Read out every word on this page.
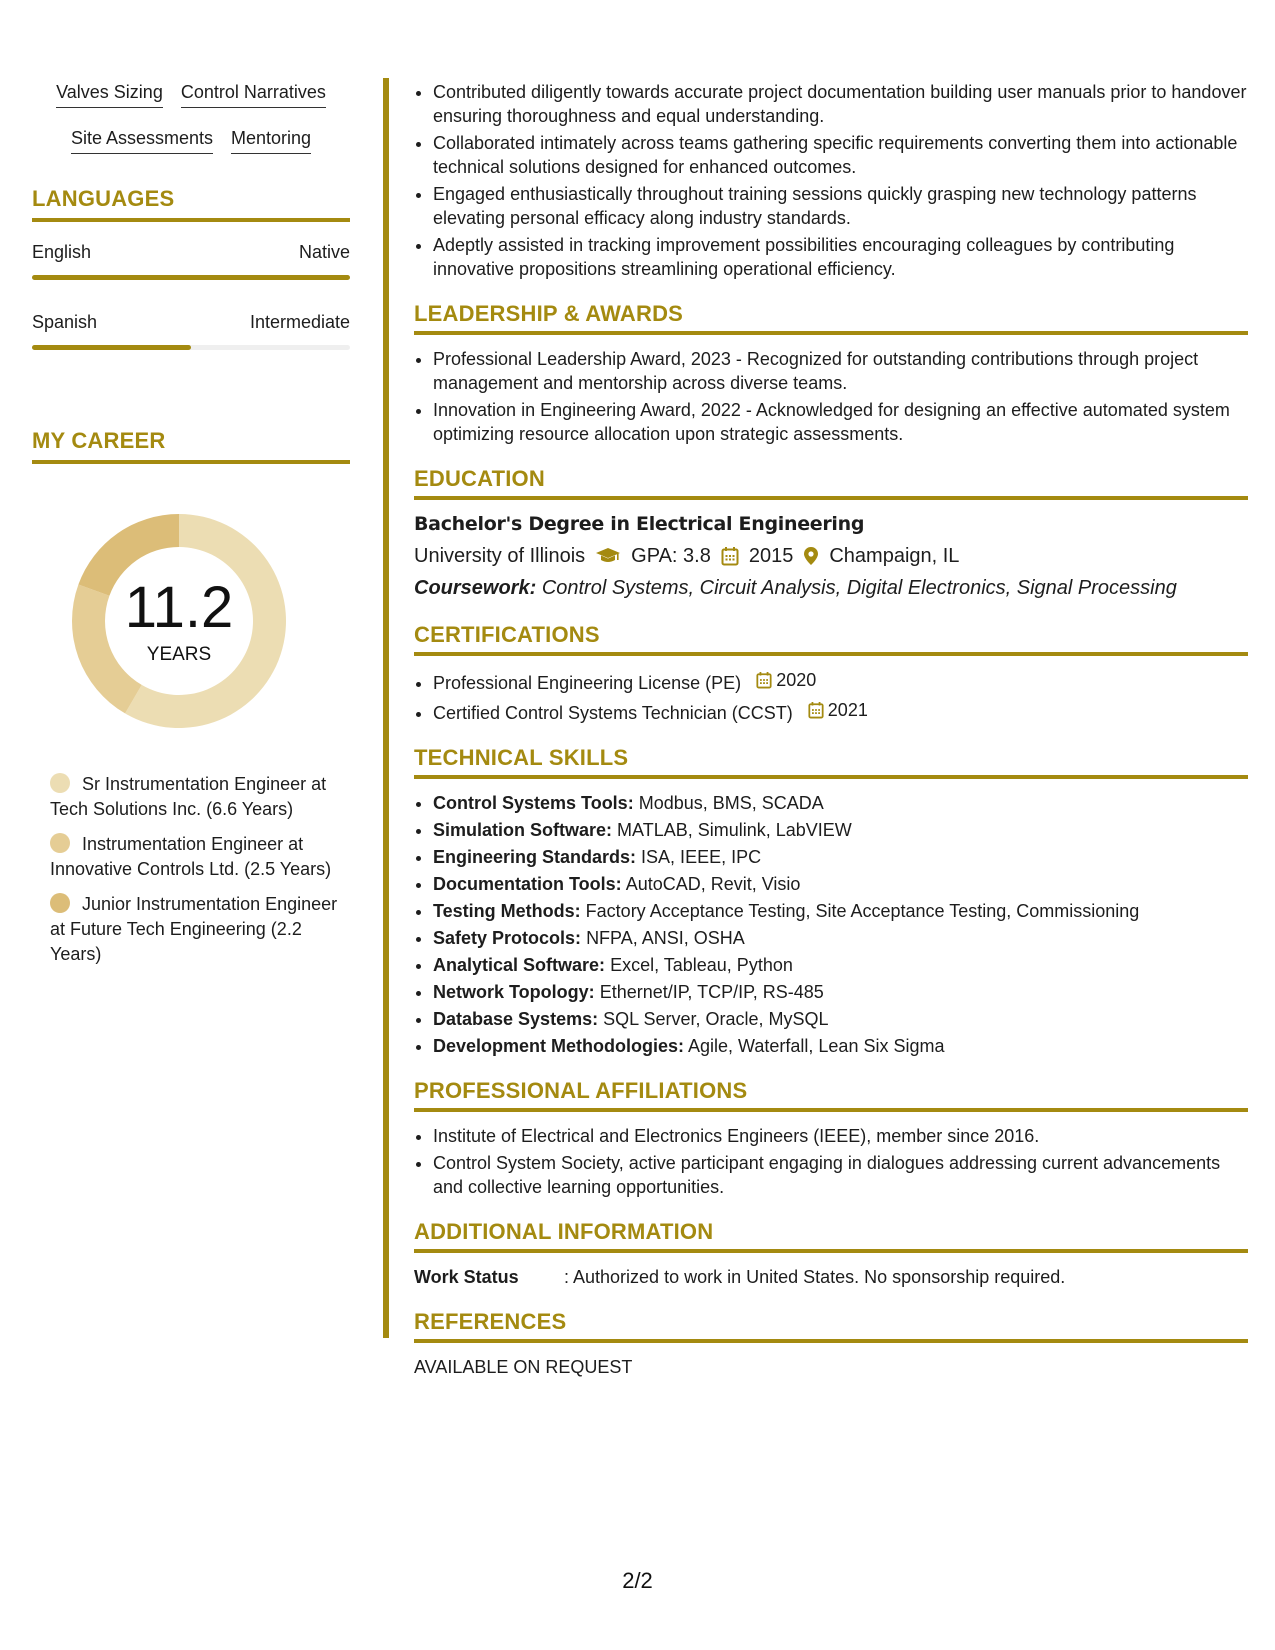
Valves Sizing Control Narratives
Site Assessments Mentoring
LANGUAGES
English	Native
Spanish	Intermediate
MY CAREER
11.2
YEARS
Sr Instrumentation Engineer at Tech Solutions Inc. (6.6 Years)
Instrumentation Engineer at Innovative Controls Ltd. (2.5 Years)
Junior Instrumentation Engineer at Future Tech Engineering (2.2 Years)
• Contributed diligently towards accurate project documentation building user manuals prior to handover ensuring thoroughness and equal understanding.
• Collaborated intimately across teams gathering specific requirements converting them into actionable technical solutions designed for enhanced outcomes.
• Engaged enthusiastically throughout training sessions quickly grasping new technology patterns elevating personal efficacy along industry standards.
• Adeptly assisted in tracking improvement possibilities encouraging colleagues by contributing innovative propositions streamlining operational efficiency.
LEADERSHIP & AWARDS
• Professional Leadership Award, 2023 - Recognized for outstanding contributions through project management and mentorship across diverse teams.
• Innovation in Engineering Award, 2022 - Acknowledged for designing an effective automated system optimizing resource allocation upon strategic assessments.
EDUCATION
Bachelor's Degree in Electrical Engineering
University of Illinois GPA: 3.8 2015 Champaign, IL
Coursework: Control Systems, Circuit Analysis, Digital Electronics, Signal Processing
CERTIFICATIONS
• Professional Engineering License (PE) 2020
• Certified Control Systems Technician (CCST) 2021
TECHNICAL SKILLS
• Control Systems Tools: Modbus, BMS, SCADA
• Simulation Software: MATLAB, Simulink, LabVIEW
• Engineering Standards: ISA, IEEE, IPC
• Documentation Tools: AutoCAD, Revit, Visio
• Testing Methods: Factory Acceptance Testing, Site Acceptance Testing, Commissioning
• Safety Protocols: NFPA, ANSI, OSHA
• Analytical Software: Excel, Tableau, Python
• Network Topology: Ethernet/IP, TCP/IP, RS-485
• Database Systems: SQL Server, Oracle, MySQL
• Development Methodologies: Agile, Waterfall, Lean Six Sigma
PROFESSIONAL AFFILIATIONS
• Institute of Electrical and Electronics Engineers (IEEE), member since 2016.
• Control System Society, active participant engaging in dialogues addressing current advancements and collective learning opportunities.
ADDITIONAL INFORMATION
Work Status	: Authorized to work in United States. No sponsorship required.
REFERENCES
AVAILABLE ON REQUEST
2/2
